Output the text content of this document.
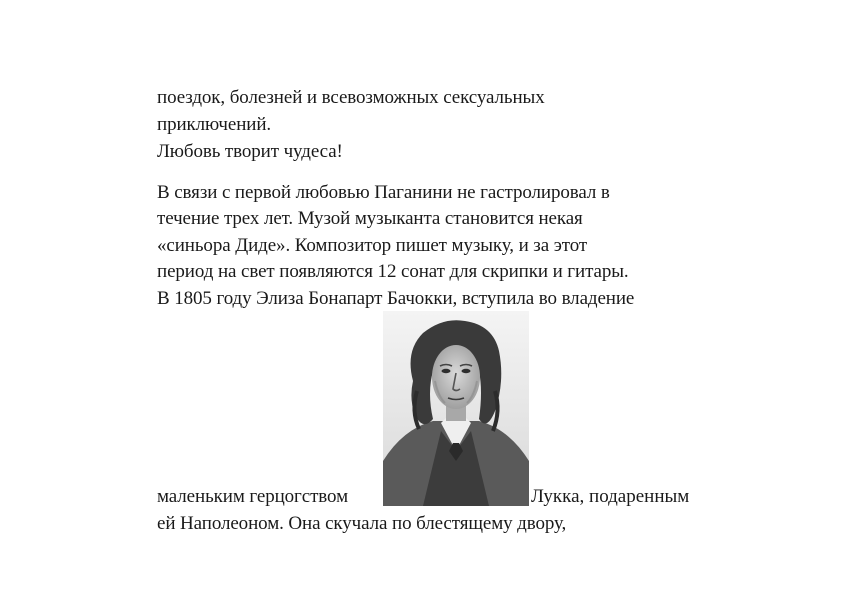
поездок, болезней и всевозможных сексуальных
приключений.
Любовь творит чудеса!
В связи с первой любовью Паганини не гастролировал в
течение трех лет. Музой музыканта становится некая
«синьора Диде». Композитор пишет музыку, и за этот
период на свет появляются 12 сонат для скрипки и гитары.
В 1805 году Элиза Бонапарт Бачокки, вступила во владение
маленьким герцогством	Лукка, подаренным
ей Наполеоном. Она скучала по блестящему двору,
